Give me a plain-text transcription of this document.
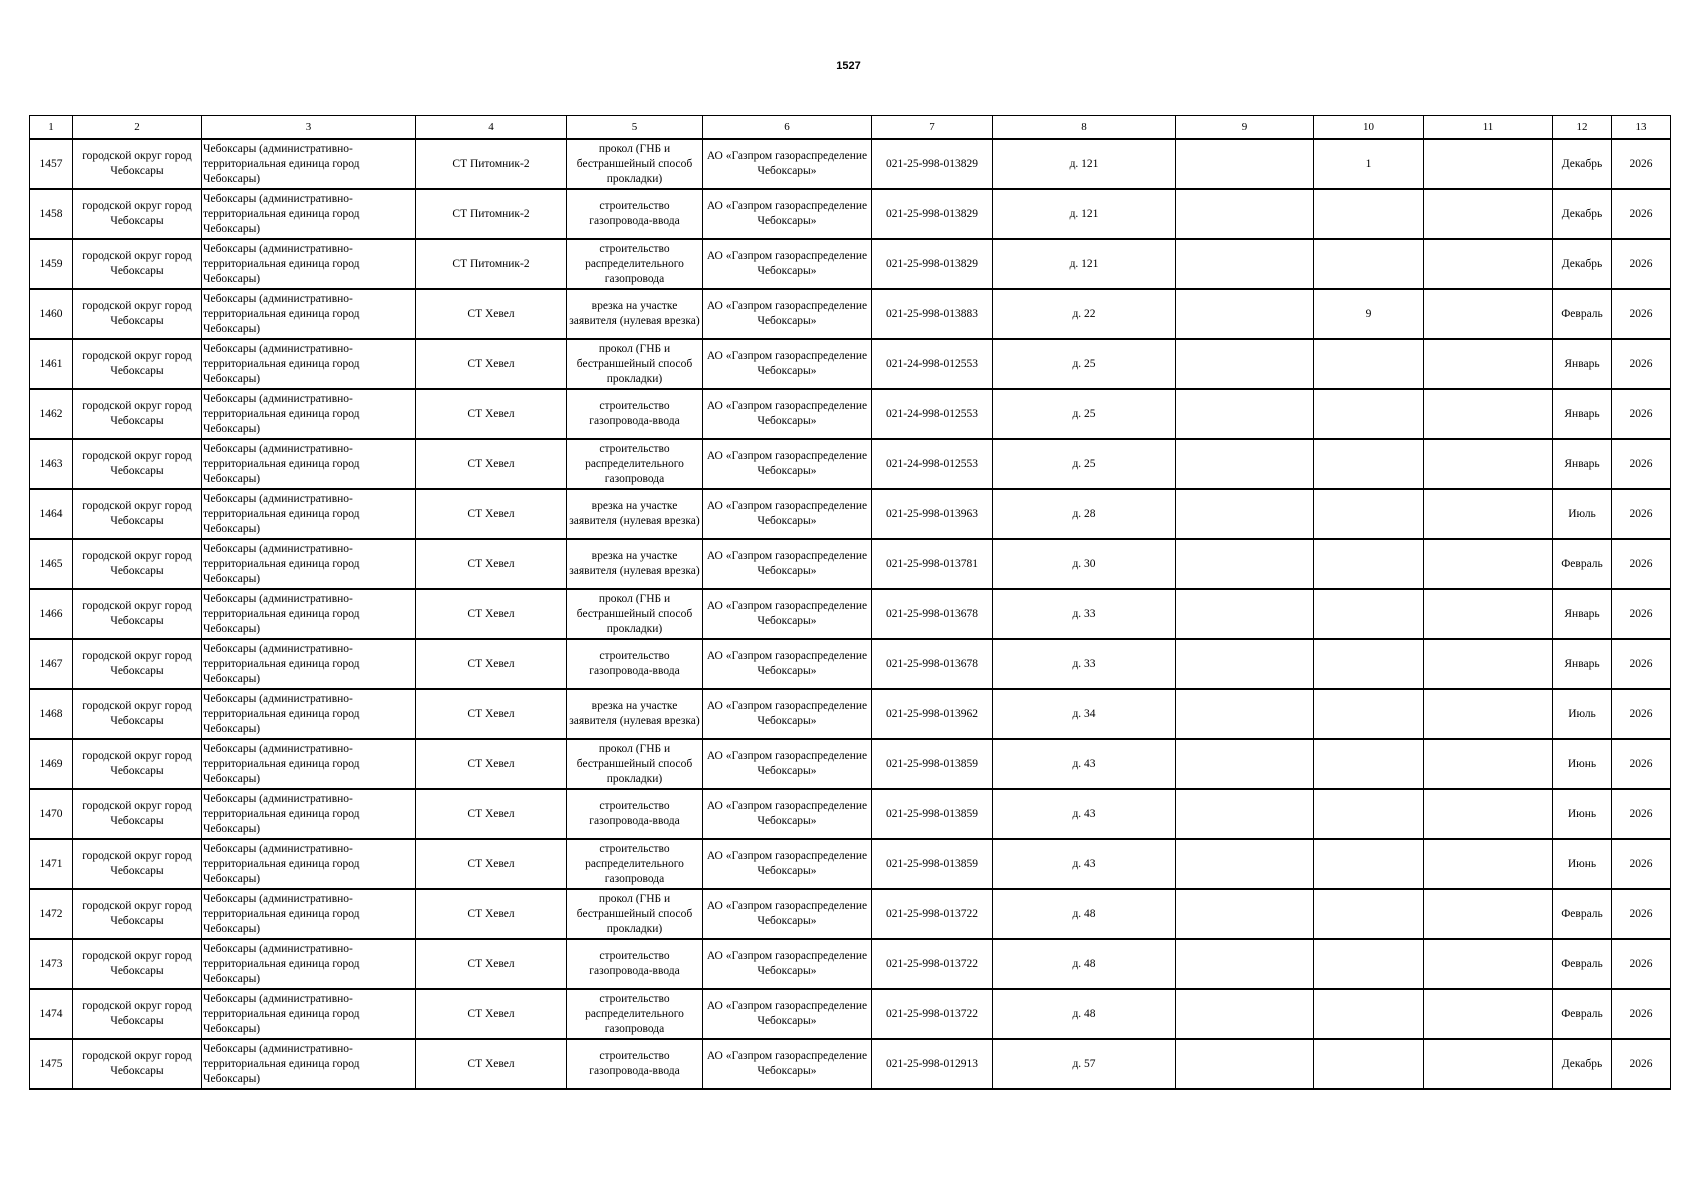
1527
1	2	3	4	5	6	7	8	9	10	11	12	13
1457	городской округ город Чебоксары	Чебоксары (административно-территориальная единица город Чебоксары)	СТ Питомник-2	прокол (ГНБ и бестраншейный способ прокладки)	АО «Газпром газораспределение Чебоксары»	021-25-998-013829	д. 121		1		Декабрь	2026
1458	городской округ город Чебоксары	Чебоксары (административно-территориальная единица город Чебоксары)	СТ Питомник-2	строительство газопровода-ввода	АО «Газпром газораспределение Чебоксары»	021-25-998-013829	д. 121				Декабрь	2026
1459	городской округ город Чебоксары	Чебоксары (административно-территориальная единица город Чебоксары)	СТ Питомник-2	строительство распределительного газопровода	АО «Газпром газораспределение Чебоксары»	021-25-998-013829	д. 121				Декабрь	2026
1460	городской округ город Чебоксары	Чебоксары (административно-территориальная единица город Чебоксары)	СТ Хевел	врезка на участке заявителя (нулевая врезка)	АО «Газпром газораспределение Чебоксары»	021-25-998-013883	д. 22		9		Февраль	2026
1461	городской округ город Чебоксары	Чебоксары (административно-территориальная единица город Чебоксары)	СТ Хевел	прокол (ГНБ и бестраншейный способ прокладки)	АО «Газпром газораспределение Чебоксары»	021-24-998-012553	д. 25				Январь	2026
1462	городской округ город Чебоксары	Чебоксары (административно-территориальная единица город Чебоксары)	СТ Хевел	строительство газопровода-ввода	АО «Газпром газораспределение Чебоксары»	021-24-998-012553	д. 25				Январь	2026
1463	городской округ город Чебоксары	Чебоксары (административно-территориальная единица город Чебоксары)	СТ Хевел	строительство распределительного газопровода	АО «Газпром газораспределение Чебоксары»	021-24-998-012553	д. 25				Январь	2026
1464	городской округ город Чебоксары	Чебоксары (административно-территориальная единица город Чебоксары)	СТ Хевел	врезка на участке заявителя (нулевая врезка)	АО «Газпром газораспределение Чебоксары»	021-25-998-013963	д. 28				Июль	2026
1465	городской округ город Чебоксары	Чебоксары (административно-территориальная единица город Чебоксары)	СТ Хевел	врезка на участке заявителя (нулевая врезка)	АО «Газпром газораспределение Чебоксары»	021-25-998-013781	д. 30				Февраль	2026
1466	городской округ город Чебоксары	Чебоксары (административно-территориальная единица город Чебоксары)	СТ Хевел	прокол (ГНБ и бестраншейный способ прокладки)	АО «Газпром газораспределение Чебоксары»	021-25-998-013678	д. 33				Январь	2026
1467	городской округ город Чебоксары	Чебоксары (административно-территориальная единица город Чебоксары)	СТ Хевел	строительство газопровода-ввода	АО «Газпром газораспределение Чебоксары»	021-25-998-013678	д. 33				Январь	2026
1468	городской округ город Чебоксары	Чебоксары (административно-территориальная единица город Чебоксары)	СТ Хевел	врезка на участке заявителя (нулевая врезка)	АО «Газпром газораспределение Чебоксары»	021-25-998-013962	д. 34				Июль	2026
1469	городской округ город Чебоксары	Чебоксары (административно-территориальная единица город Чебоксары)	СТ Хевел	прокол (ГНБ и бестраншейный способ прокладки)	АО «Газпром газораспределение Чебоксары»	021-25-998-013859	д. 43				Июнь	2026
1470	городской округ город Чебоксары	Чебоксары (административно-территориальная единица город Чебоксары)	СТ Хевел	строительство газопровода-ввода	АО «Газпром газораспределение Чебоксары»	021-25-998-013859	д. 43				Июнь	2026
1471	городской округ город Чебоксары	Чебоксары (административно-территориальная единица город Чебоксары)	СТ Хевел	строительство распределительного газопровода	АО «Газпром газораспределение Чебоксары»	021-25-998-013859	д. 43				Июнь	2026
1472	городской округ город Чебоксары	Чебоксары (административно-территориальная единица город Чебоксары)	СТ Хевел	прокол (ГНБ и бестраншейный способ прокладки)	АО «Газпром газораспределение Чебоксары»	021-25-998-013722	д. 48				Февраль	2026
1473	городской округ город Чебоксары	Чебоксары (административно-территориальная единица город Чебоксары)	СТ Хевел	строительство газопровода-ввода	АО «Газпром газораспределение Чебоксары»	021-25-998-013722	д. 48				Февраль	2026
1474	городской округ город Чебоксары	Чебоксары (административно-территориальная единица город Чебоксары)	СТ Хевел	строительство распределительного газопровода	АО «Газпром газораспределение Чебоксары»	021-25-998-013722	д. 48				Февраль	2026
1475	городской округ город Чебоксары	Чебоксары (административно-территориальная единица город Чебоксары)	СТ Хевел	строительство газопровода-ввода	АО «Газпром газораспределение Чебоксары»	021-25-998-012913	д. 57				Декабрь	2026
